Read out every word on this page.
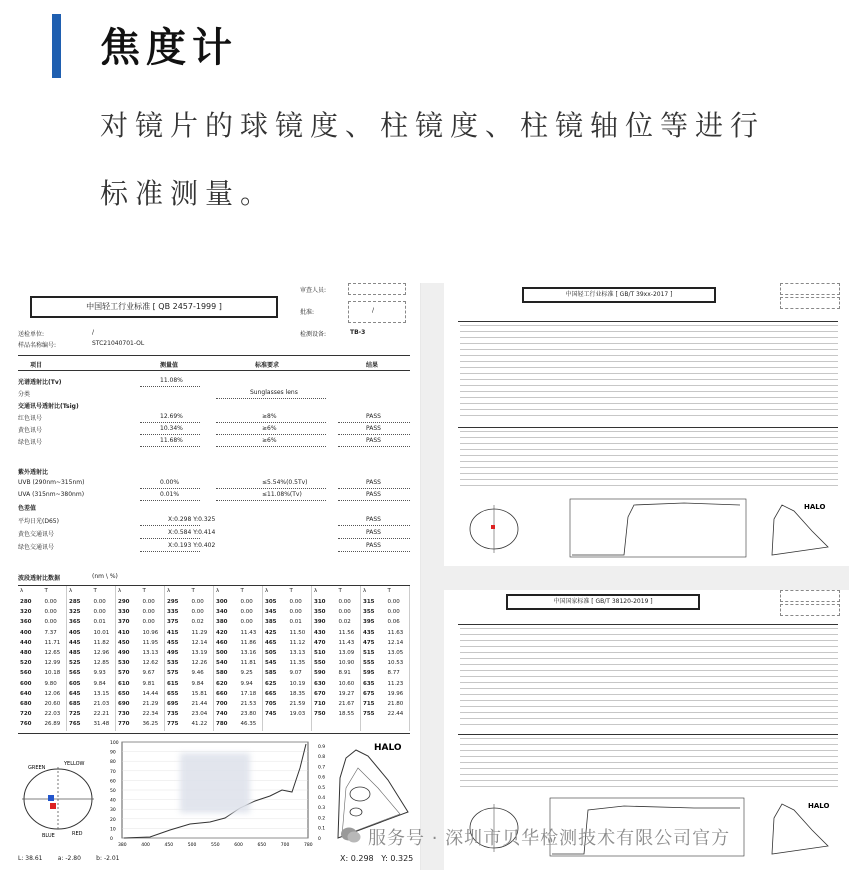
焦度计
对镜片的球镜度、柱镜度、柱镜轴位等进行
标准测量。
审查人员:
批准:	/
检测设备:	TB-3
中国轻工行业标准 [ QB 2457-1999 ]
送检单位:	/
样品名称编号:	STC21040701-OL
项目	测量值	标准要求	结果
光谱透射比(Tv)	11.08%
分类	Sunglasses lens
交通讯号透射比(Tsig)
红色讯号	12.69%	≥8%	PASS
黄色讯号	10.34%	≥6%	PASS
绿色讯号	11.68%	≥6%	PASS
紫外透射比
UVB (290nm~315nm)	0.00%	≤5.54%(0.5Tv)	PASS
UVA (315nm~380nm)	0.01%	≤11.08%(Tv)	PASS
色差值
平均日光(D65)	X:0.298 Y:0.325	PASS
黄色交通讯号	X:0.584 Y:0.414	PASS
绿色交通讯号	X:0.193 Y:0.402	PASS
波段透射比数据	(nm \ %)
λ	T	λ	T	λ	T	λ	T	λ	T	λ	T	λ	T	λ	T
280 0.00 285 0.00 290 0.00 295 0.00 300 0.00 305 0.00 310 0.00 315 0.00
320 0.00 325 0.00 330 0.00 335 0.00 340 0.00 345 0.00 350 0.00 355 0.00
360 0.00 365 0.01 370 0.00 375 0.02 380 0.00 385 0.01 390 0.02 395 0.06
400 7.37 405 10.01 410 10.96 415 11.29 420 11.43 425 11.50 430 11.56 435 11.63
440 11.71 445 11.82 450 11.95 455 12.14 460 11.86 465 11.12 470 11.43 475 12.14
480 12.65 485 12.96 490 13.13 495 13.19 500 13.16 505 13.13 510 13.09 515 13.05
520 12.99 525 12.85 530 12.62 535 12.26 540 11.81 545 11.35 550 10.90 555 10.53
560 10.18 565 9.93 570 9.67 575 9.46 580 9.25 585 9.07 590 8.91 595 8.77
600 9.80 605 9.84 610 9.81 615 9.84 620 9.94 625 10.19 630 10.60 635 11.23
640 12.06 645 13.15 650 14.44 655 15.81 660 17.18 665 18.35 670 19.27 675 19.96
680 20.60 685 21.03 690 21.29 695 21.44 700 21.53 705 21.59 710 21.67 715 21.80
720 22.03 725 22.21 730 22.34 735 23.04 740 23.80 745 19.03 750 18.55 755 22.44
760 26.89 765 31.48 770 36.25 775 41.22 780 46.35
GREEN
YELLOW
BLUE	RED
100
90
80
70
60
50
40
30
20
10
0
380	400	450	500	550	600	650	700	780
0.9
0.8
0.7
0.6
0.5
0.4
0.3
0.2
0.1
0
HALO
L: 38.61	a: -2.80	b: -2.01	X: 0.298 Y: 0.325
中国轻工行业标准 [ GB/T 39xx-2017 ]
HALO
中国国家标准 [ GB/T 38120-2019 ]
HALO
服务号 · 深圳市贝华检测技术有限公司官方
